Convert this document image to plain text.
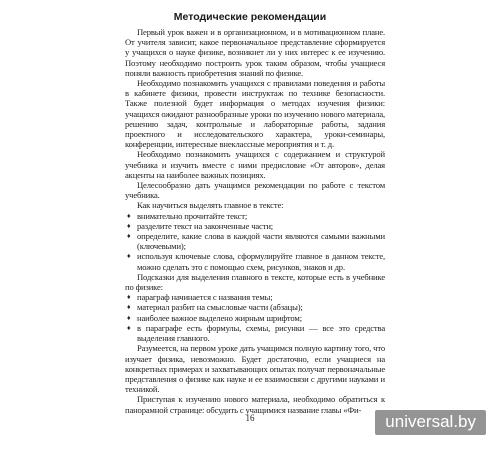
Методические рекомендации

Первый урок важен и в организационном, и в мотивационном плане. От учителя зависит, какое первоначальное представление сформируется у учащихся о науке физике, возникнет ли у них интерес к ее изучению. Поэтому необходимо построить урок таким образом, чтобы учащиеся поняли важность приобретения знаний по физике.

Необходимо познакомить учащихся с правилами поведения и работы в кабинете физики, провести инструктаж по технике безопасности. Также полезной будет информация о методах изучения физики: учащихся ожидают разнообразные уроки по изучению нового материала, решению задач, контрольные и лабораторные работы, задания проектного и исследовательского характера, уроки-семинары, конференции, интересные внеклассные мероприятия и т. д.

Необходимо познакомить учащихся с содержанием и структурой учебника и изучить вместе с ними предисловие «От авторов», делая акценты на наиболее важных позициях.

Целесообразно дать учащимся рекомендации по работе с текстом учебника.

Как научиться выделять главное в тексте:

♦ внимательно прочитайте текст;
♦ разделите текст на законченные части;
♦ определите, какие слова в каждой части являются самыми важными (ключевыми);
♦ используя ключевые слова, сформулируйте главное в данном тексте, можно сделать это с помощью схем, рисунков, знаков и др.

Подсказки для выделения главного в тексте, которые есть в учебнике по физике:

♦ параграф начинается с названия темы;
♦ материал разбит на смысловые части (абзацы);
♦ наиболее важное выделено жирным шрифтом;
♦ в параграфе есть формулы, схемы, рисунки — все это средства выделения главного.

Разумеется, на первом уроке дать учащимся полную картину того, что изучает физика, невозможно. Будет достаточно, если учащиеся на конкретных примерах и захватывающих опытах получат первоначальные представления о физике как науке и ее взаимосвязи с другими науками и техникой.

Приступая к изучению нового материала, необходимо обратиться к панорамной странице: обсудить с учащимися название главы «Фи-

16	universal.by
